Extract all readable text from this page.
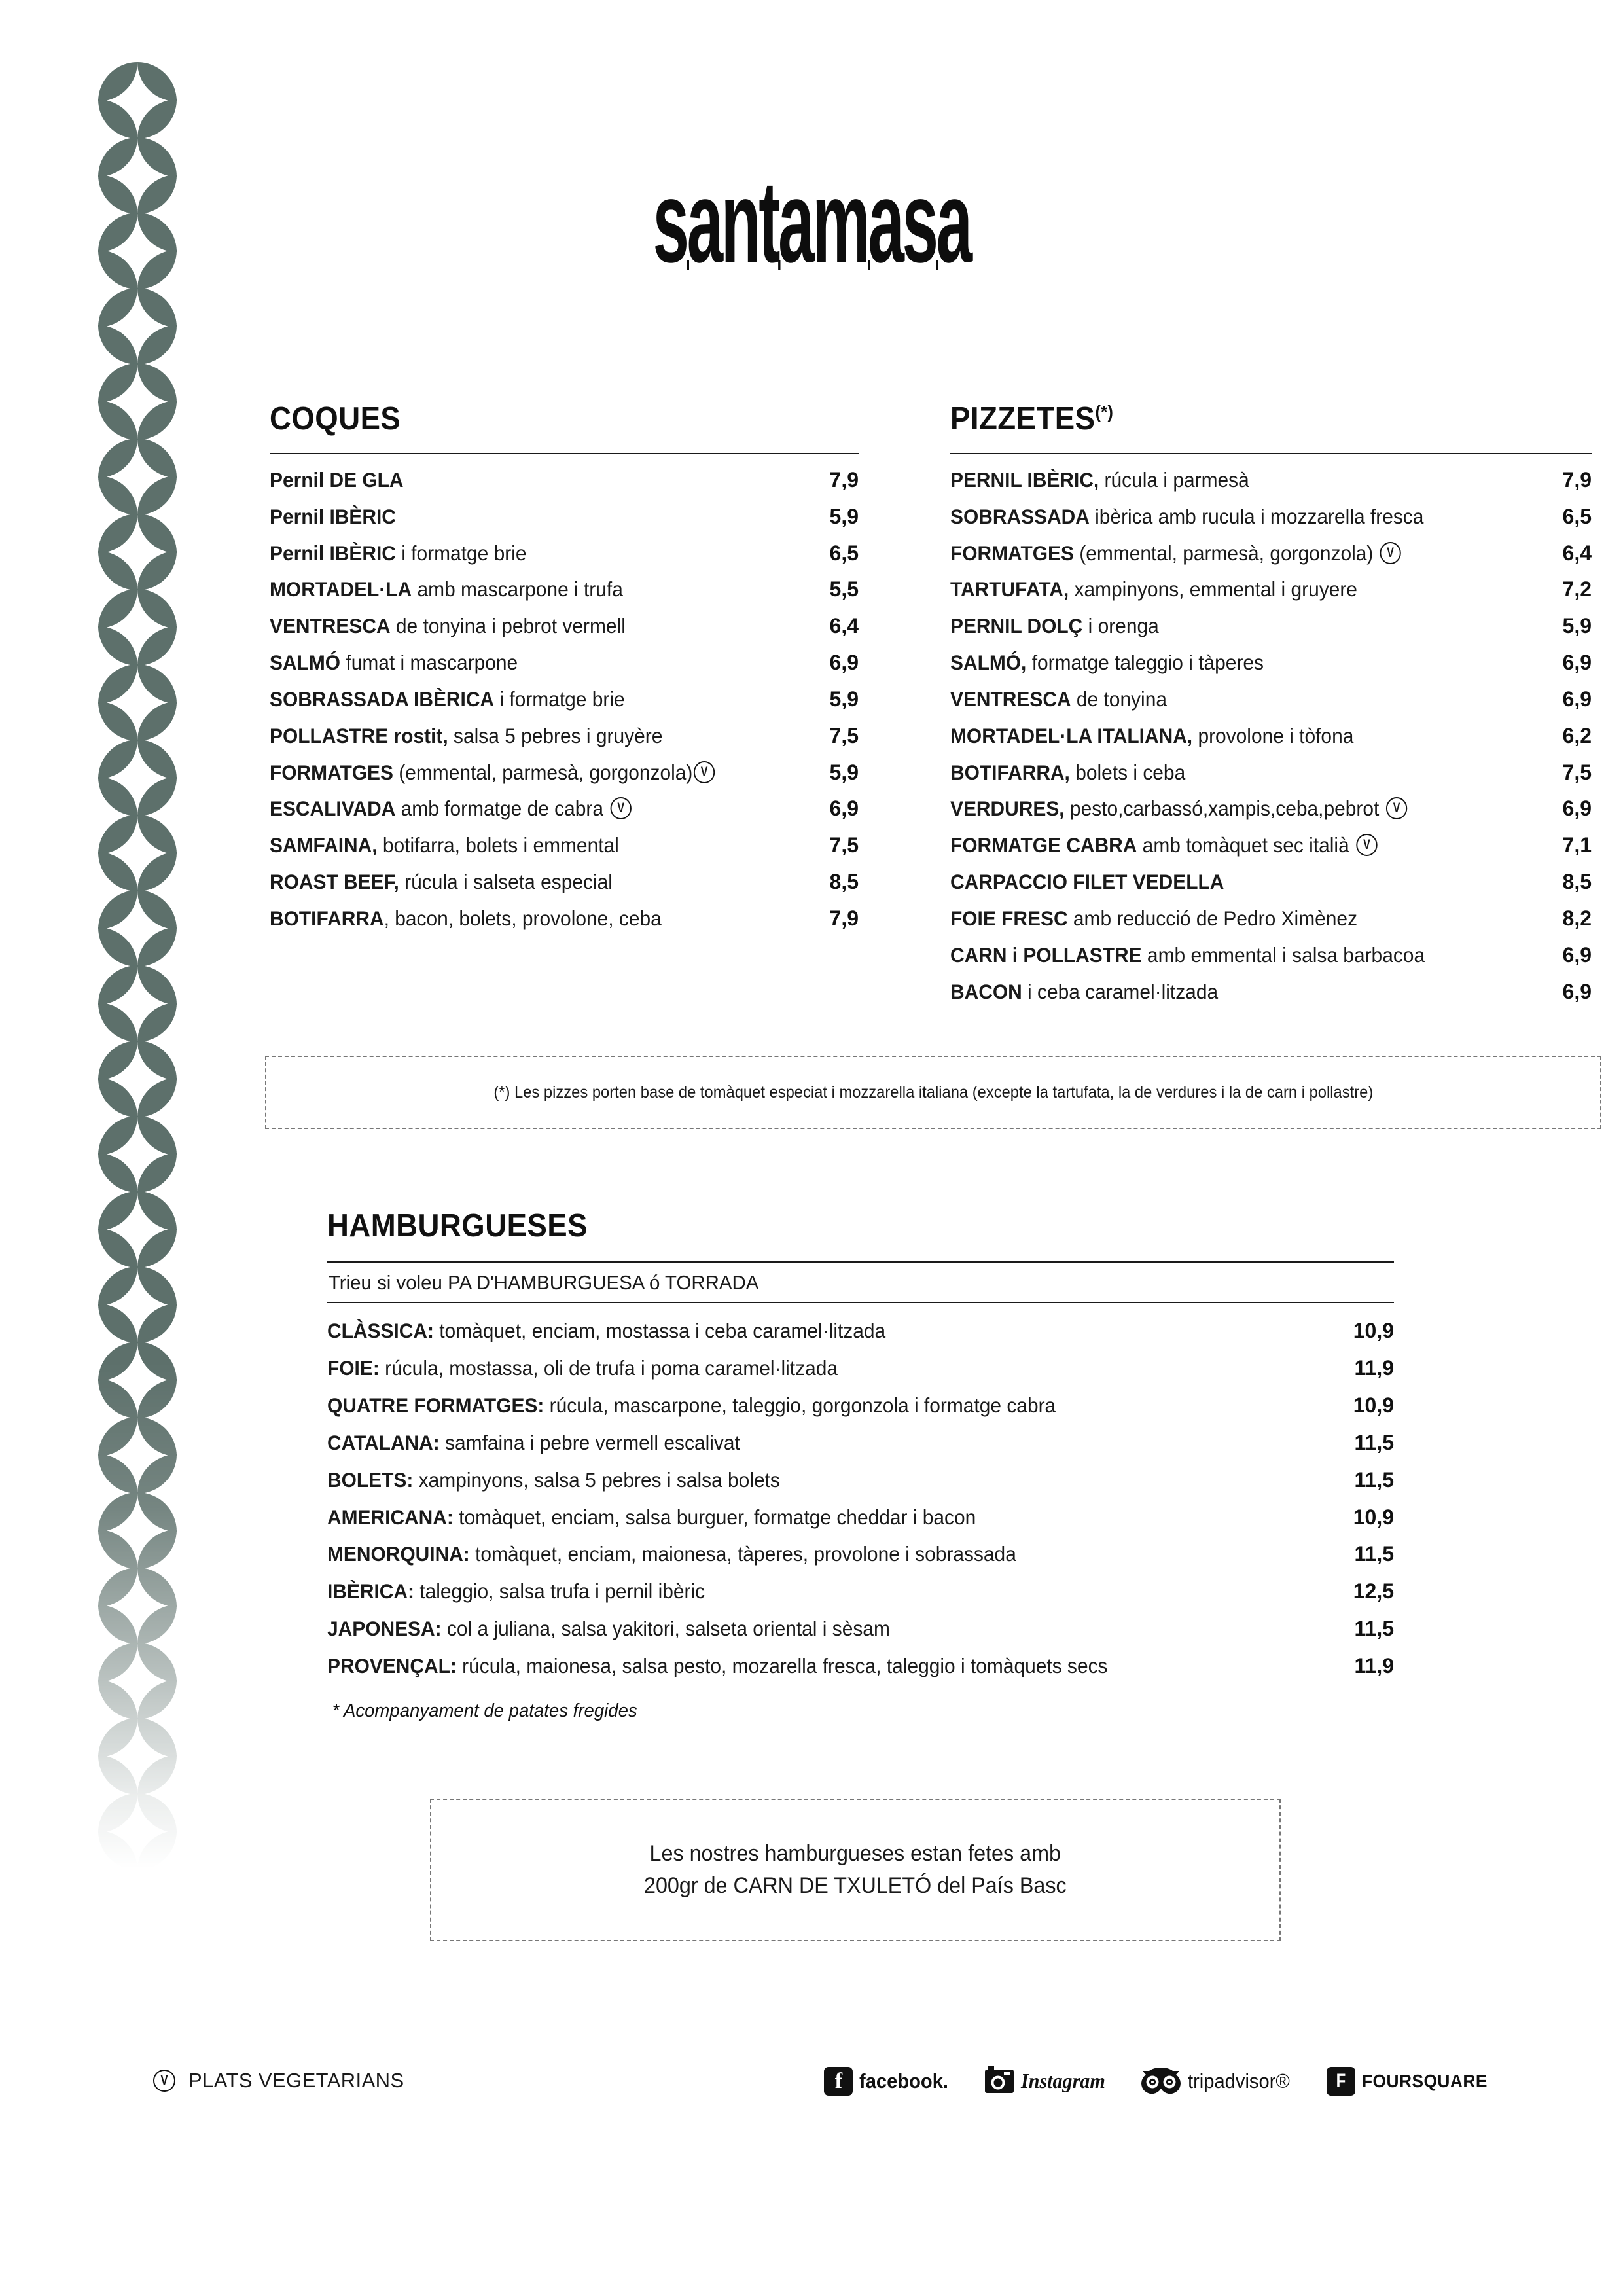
santamasa
COQUES
Pernil DE GLA	7,9
Pernil IBÈRIC	5,9
Pernil IBÈRIC i formatge brie	6,5
MORTADEL·LA amb mascarpone i trufa	5,5
VENTRESCA de tonyina i pebrot vermell	6,4
SALMÓ fumat i mascarpone	6,9
SOBRASSADA IBÈRICA i formatge brie	5,9
POLLASTRE rostit, salsa 5 pebres i gruyère	7,5
FORMATGES (emmental, parmesà, gorgonzola) V	5,9
ESCALIVADA amb formatge de cabra V	6,9
SAMFAINA, botifarra, bolets i emmental	7,5
ROAST BEEF, rúcula i salseta especial	8,5
BOTIFARRA, bacon, bolets, provolone, ceba	7,9
PIZZETES(*)
PERNIL IBÈRIC, rúcula i parmesà	7,9
SOBRASSADA ibèrica amb rucula i mozzarella fresca	6,5
FORMATGES (emmental, parmesà, gorgonzola) V	6,4
TARTUFATA, xampinyons, emmental i gruyere	7,2
PERNIL DOLÇ i orenga	5,9
SALMÓ, formatge taleggio i tàperes	6,9
VENTRESCA de tonyina	6,9
MORTADEL·LA ITALIANA, provolone i tòfona	6,2
BOTIFARRA, bolets i ceba	7,5
VERDURES, pesto,carbassó,xampis,ceba,pebrot V	6,9
FORMATGE CABRA amb tomàquet sec italià V	7,1
CARPACCIO FILET VEDELLA	8,5
FOIE FRESC amb reducció de Pedro Ximènez	8,2
CARN i POLLASTRE amb emmental i salsa barbacoa	6,9
BACON i ceba caramel·litzada	6,9
(*) Les pizzes porten base de tomàquet especiat i mozzarella italiana (excepte la tartufata, la de verdures i la de carn i pollastre)
HAMBURGUESES
Trieu si voleu PA D'HAMBURGUESA ó TORRADA
CLÀSSICA: tomàquet, enciam, mostassa i ceba caramel·litzada	10,9
FOIE: rúcula, mostassa, oli de trufa i poma caramel·litzada	11,9
QUATRE FORMATGES: rúcula, mascarpone, taleggio, gorgonzola i formatge cabra	10,9
CATALANA: samfaina i pebre vermell escalivat	11,5
BOLETS: xampinyons, salsa 5 pebres i salsa bolets	11,5
AMERICANA: tomàquet, enciam, salsa burguer, formatge cheddar i bacon	10,9
MENORQUINA: tomàquet, enciam, maionesa, tàperes, provolone i sobrassada	11,5
IBÈRICA: taleggio, salsa trufa i pernil ibèric	12,5
JAPONESA: col a juliana, salsa yakitori, salseta oriental i sèsam	11,5
PROVENÇAL: rúcula, maionesa, salsa pesto, mozarella fresca, taleggio i tomàquets secs	11,9
* Acompanyament de patates fregides
Les nostres hamburgueses estan fetes amb
200gr de CARN DE TXULETÓ del País Basc
V
PLATS VEGETARIANS	f facebook.	Instagram	tripadvisor®	F FOURSQUARE
